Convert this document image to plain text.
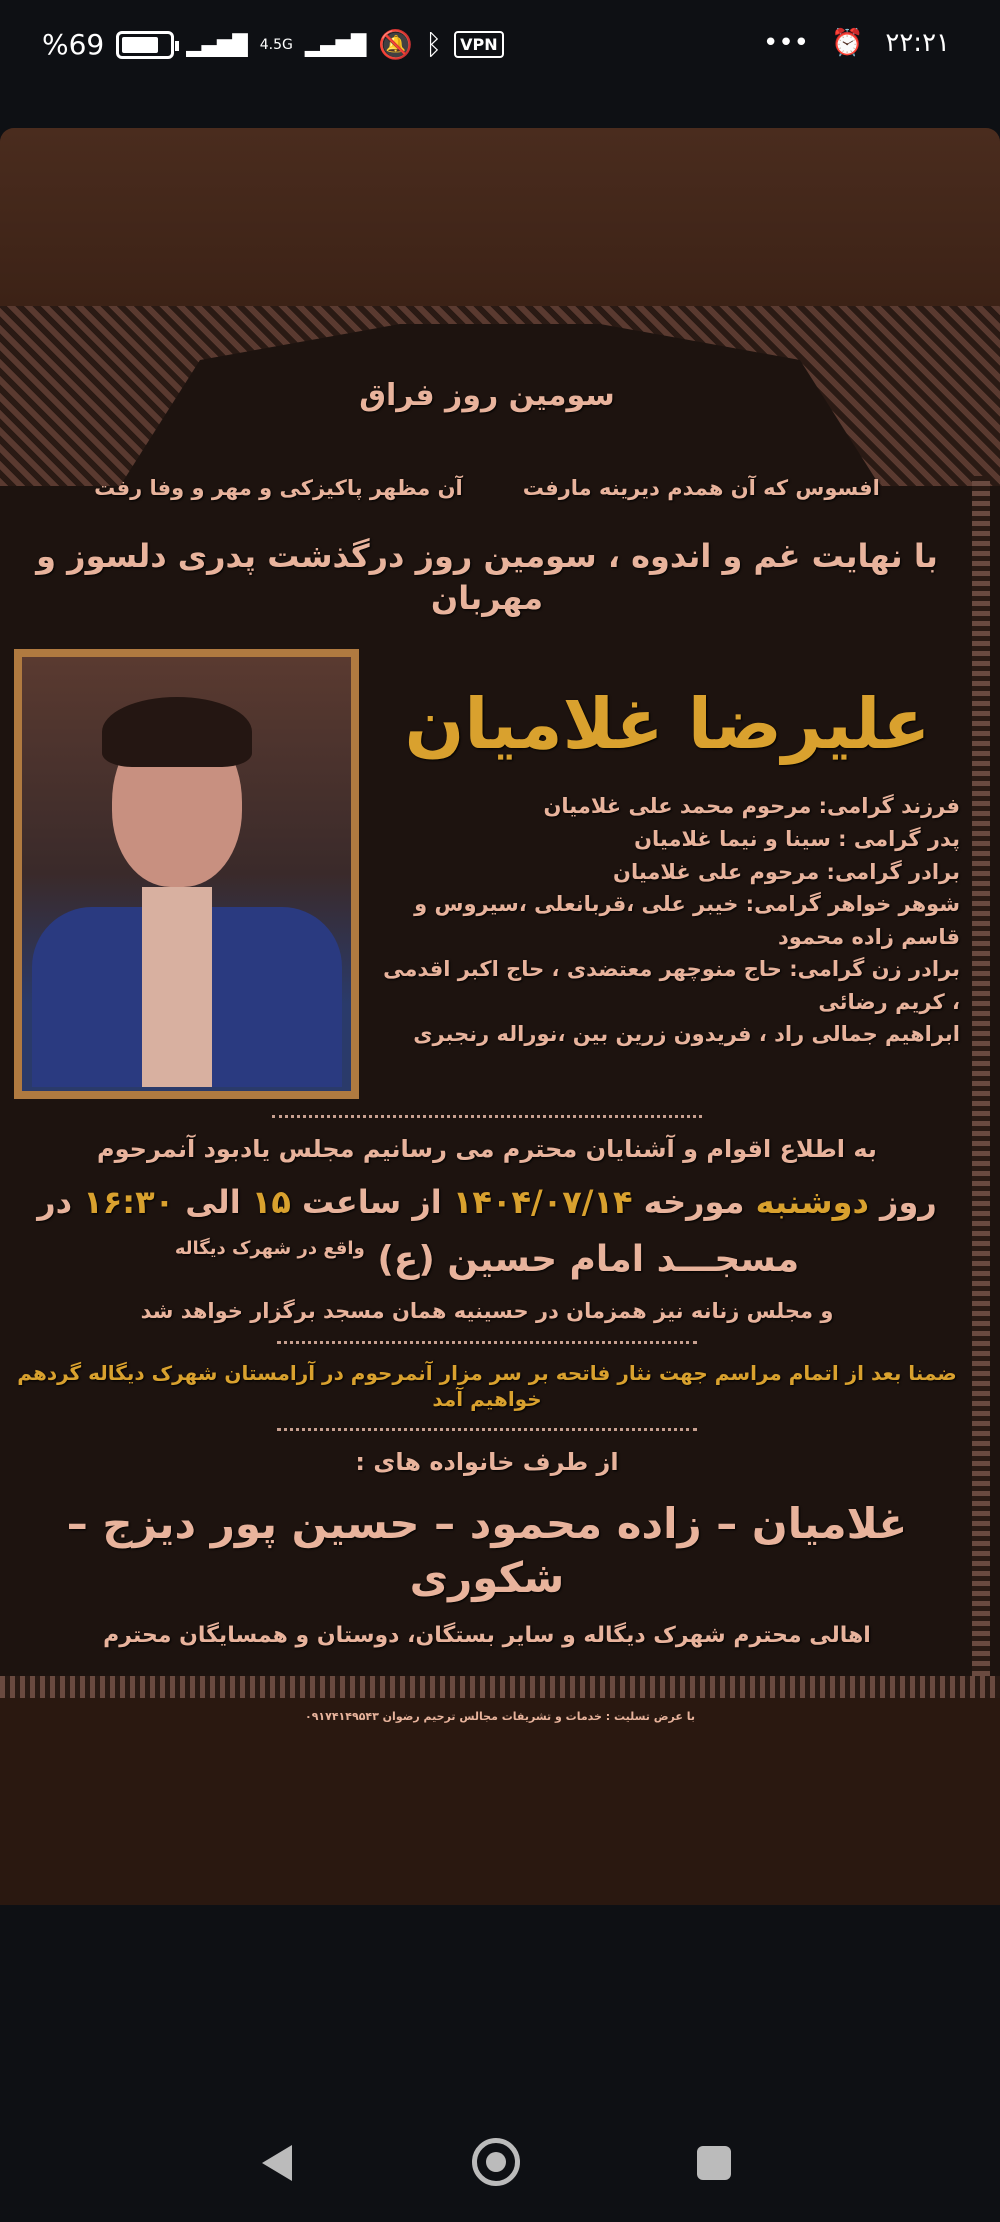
%69	▂▄▆█ 4.5G ▂▄▆█ 🔕 ᛒ	VPN	••• ⏰ ۲۲:۲۱
سومین روز فراق
افسوس که آن همدم دیرینه مارفت
آن مظهر پاکیزکی و مهر و وفا رفت
با نهایت غم و اندوه ، سومین روز درگذشت پدری دلسوز و مهربان
علیرضا غلامیان
فرزند گرامی: مرحوم محمد علی غلامیان
پدر گرامی : سینا و نیما غلامیان
برادر گرامی: مرحوم علی غلامیان
شوهر خواهر گرامی: خیبر علی ،قربانعلی ،سیروس و قاسم زاده محمود
برادر زن گرامی: حاج منوچهر معتضدی ، حاج اکبر اقدمی ، کریم رضائی
ابراهیم جمالی راد ، فریدون زرین بین ،نوراله رنجبری
به اطلاع اقوام و آشنایان محترم می رسانیم مجلس یادبود آنمرحوم
روز دوشنبه مورخه ۱۴۰۴/۰۷/۱۴ از ساعت ۱۵ الی ۱۶:۳۰ در
مسجـــد امام حسین (ع) $^{واقع در شهرک دیگاله}$
و مجلس زنانه نیز همزمان در حسینیه همان مسجد برگزار خواهد شد
ضمنا بعد از اتمام مراسم جهت نثار فاتحه بر سر مزار آنمرحوم در آرامستان شهرک دیگاله گردهم خواهیم آمد
از طرف خانواده های :
غلامیان – زاده محمود – حسین پور دیزج – شکوری
اهالی محترم شهرک دیگاله و سایر بستگان، دوستان و همسایگان محترم
با عرض تسلیت : خدمات و تشریفات مجالس ترحیم رضوان ۰۹۱۷۴۱۴۹۵۴۳
